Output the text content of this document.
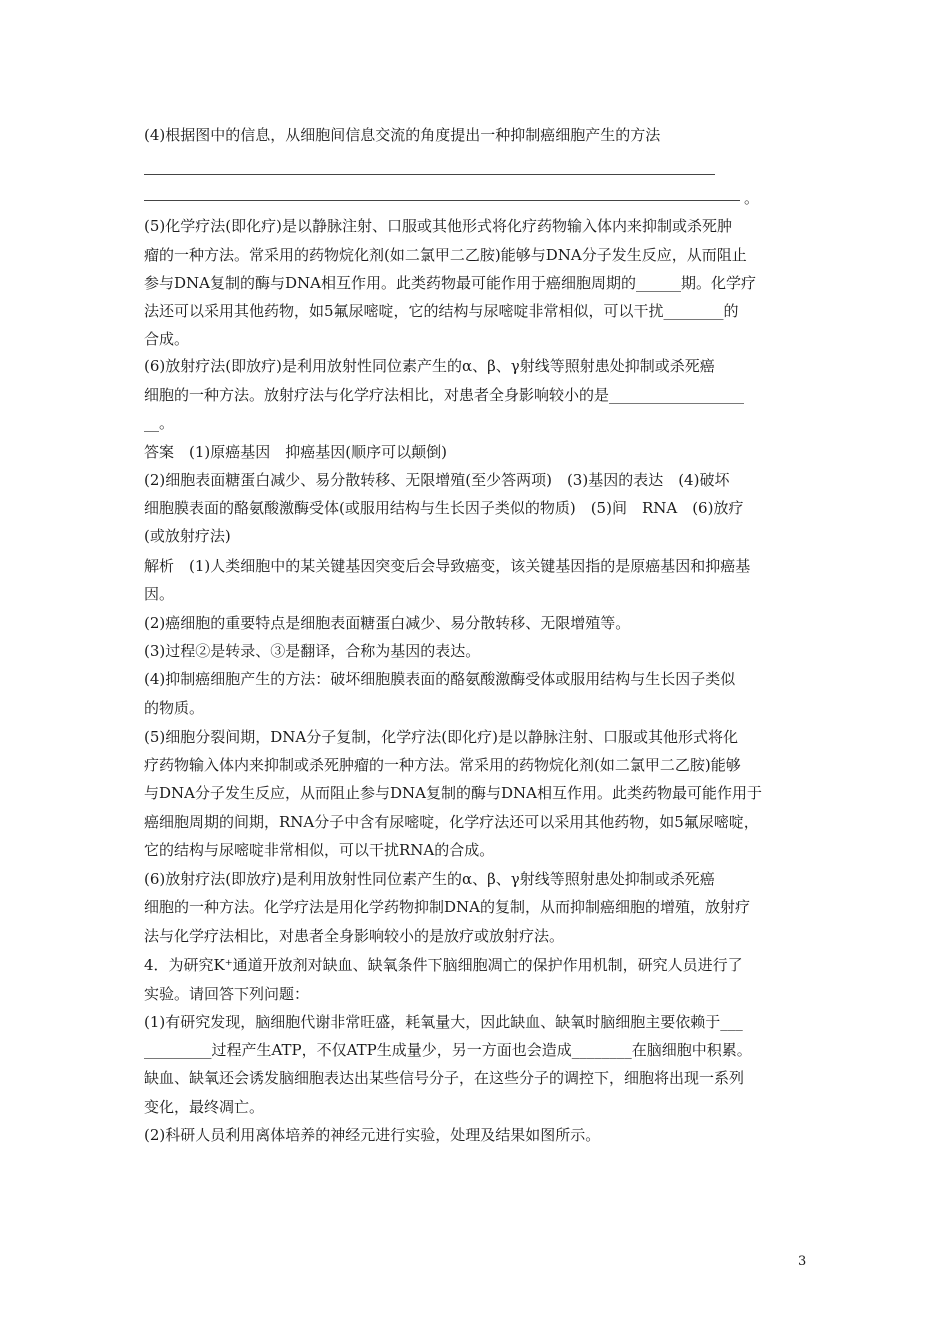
(4)根据图中的信息，从细胞间信息交流的角度提出一种抑制癌细胞产生的方法

。

(5)化学疗法(即化疗)是以静脉注射、口服或其他形式将化疗药物输入体内来抑制或杀死肿

瘤的一种方法。常采用的药物烷化剂(如二氯甲二乙胺)能够与DNA分子发生反应，从而阻止

参与DNA复制的酶与DNA相互作用。此类药物最可能作用于癌细胞周期的______期。化学疗

法还可以采用其他药物，如5氟尿嘧啶，它的结构与尿嘧啶非常相似，可以干扰________的

合成。

(6)放射疗法(即放疗)是利用放射性同位素产生的α、β、γ射线等照射患处抑制或杀死癌

细胞的一种方法。放射疗法与化学疗法相比，对患者全身影响较小的是__________________

__。

答案　(1)原癌基因　抑癌基因(顺序可以颠倒)

(2)细胞表面糖蛋白减少、易分散转移、无限增殖(至少答两项)　(3)基因的表达　(4)破坏

细胞膜表面的酪氨酸激酶受体(或服用结构与生长因子类似的物质)　(5)间　RNA　(6)放疗

(或放射疗法)

解析　(1)人类细胞中的某关键基因突变后会导致癌变，该关键基因指的是原癌基因和抑癌基

因。

(2)癌细胞的重要特点是细胞表面糖蛋白减少、易分散转移、无限增殖等。

(3)过程②是转录、③是翻译，合称为基因的表达。

(4)抑制癌细胞产生的方法：破坏细胞膜表面的酪氨酸激酶受体或服用结构与生长因子类似

的物质。

(5)细胞分裂间期，DNA分子复制，化学疗法(即化疗)是以静脉注射、口服或其他形式将化

疗药物输入体内来抑制或杀死肿瘤的一种方法。常采用的药物烷化剂(如二氯甲二乙胺)能够

与DNA分子发生反应，从而阻止参与DNA复制的酶与DNA相互作用。此类药物最可能作用于

癌细胞周期的间期，RNA分子中含有尿嘧啶，化学疗法还可以采用其他药物，如5氟尿嘧啶，

它的结构与尿嘧啶非常相似，可以干扰RNA的合成。

(6)放射疗法(即放疗)是利用放射性同位素产生的α、β、γ射线等照射患处抑制或杀死癌

细胞的一种方法。化学疗法是用化学药物抑制DNA的复制，从而抑制癌细胞的增殖，放射疗

法与化学疗法相比，对患者全身影响较小的是放疗或放射疗法。

4．为研究K⁺通道开放剂对缺血、缺氧条件下脑细胞凋亡的保护作用机制，研究人员进行了

实验。请回答下列问题：

(1)有研究发现，脑细胞代谢非常旺盛，耗氧量大，因此缺血、缺氧时脑细胞主要依赖于___

_________过程产生ATP，不仅ATP生成量少，另一方面也会造成________在脑细胞中积累。

缺血、缺氧还会诱发脑细胞表达出某些信号分子，在这些分子的调控下，细胞将出现一系列

变化，最终凋亡。

(2)科研人员利用离体培养的神经元进行实验，处理及结果如图所示。

3
